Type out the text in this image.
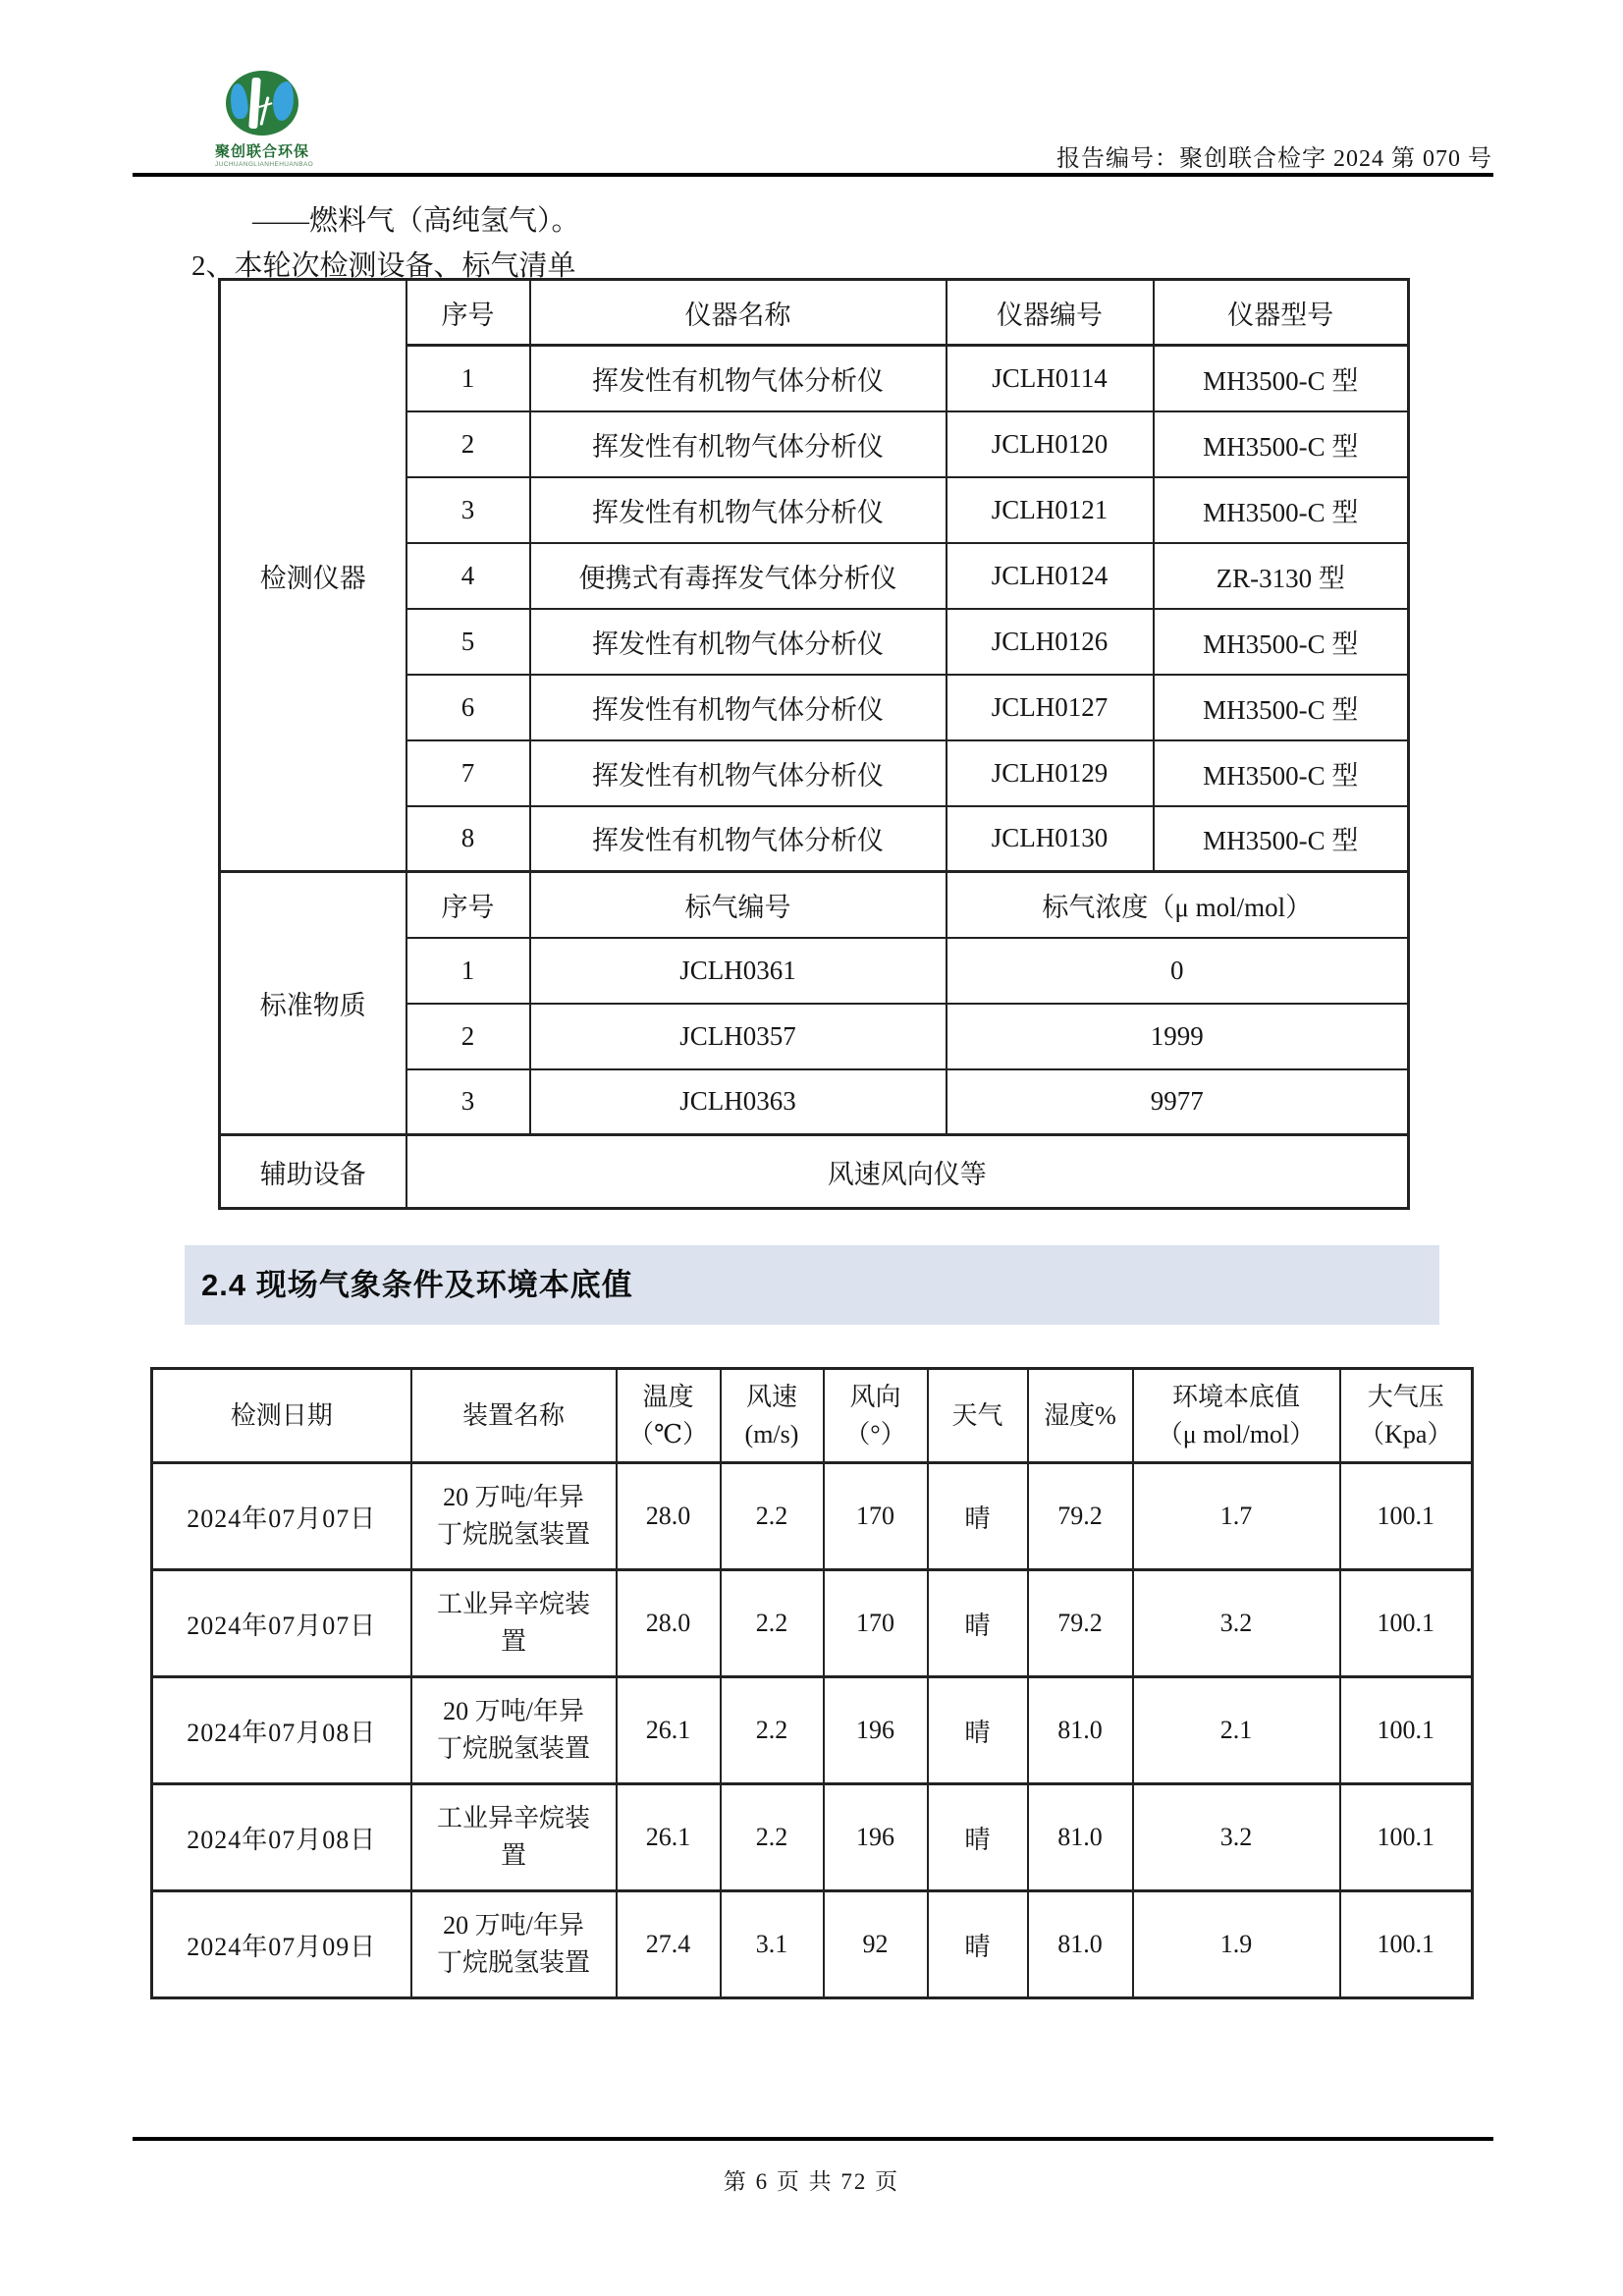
聚创联合环保
JUCHUANGLIANHEHUANBAO	报告编号：聚创联合检字 2024 第 070 号
——燃料气（高纯氢气）。
2、本轮次检测设备、标气清单
检测仪器	序号	仪器名称	仪器编号	仪器型号
	1	挥发性有机物气体分析仪	JCLH0114	MH3500-C 型
	2	挥发性有机物气体分析仪	JCLH0120	MH3500-C 型
	3	挥发性有机物气体分析仪	JCLH0121	MH3500-C 型
	4	便携式有毒挥发气体分析仪	JCLH0124	ZR-3130 型
	5	挥发性有机物气体分析仪	JCLH0126	MH3500-C 型
	6	挥发性有机物气体分析仪	JCLH0127	MH3500-C 型
	7	挥发性有机物气体分析仪	JCLH0129	MH3500-C 型
	8	挥发性有机物气体分析仪	JCLH0130	MH3500-C 型
标准物质	序号	标气编号	标气浓度（μ mol/mol）	
	1	JCLH0361	0	
	2	JCLH0357	1999	
	3	JCLH0363	9977	
辅助设备	风速风向仪等			
2.4 现场气象条件及环境本底值
检测日期	装置名称	温度
（℃）	风速
(m/s)	风向
（°）	天气	湿度%	环境本底值
（μ mol/mol）	大气压
（Kpa）

2024年07月07日	20 万吨/年异
丁烷脱氢装置	28.0	2.2	170	晴	79.2	1.7	100.1
2024年07月07日	工业异辛烷装
置	28.0	2.2	170	晴	79.2	3.2	100.1
2024年07月08日	20 万吨/年异
丁烷脱氢装置	26.1	2.2	196	晴	81.0	2.1	100.1
2024年07月08日	工业异辛烷装
置	26.1	2.2	196	晴	81.0	3.2	100.1
2024年07月09日	20 万吨/年异
丁烷脱氢装置	27.4	3.1	92	晴	81.0	1.9	100.1
第 6 页 共 72 页
